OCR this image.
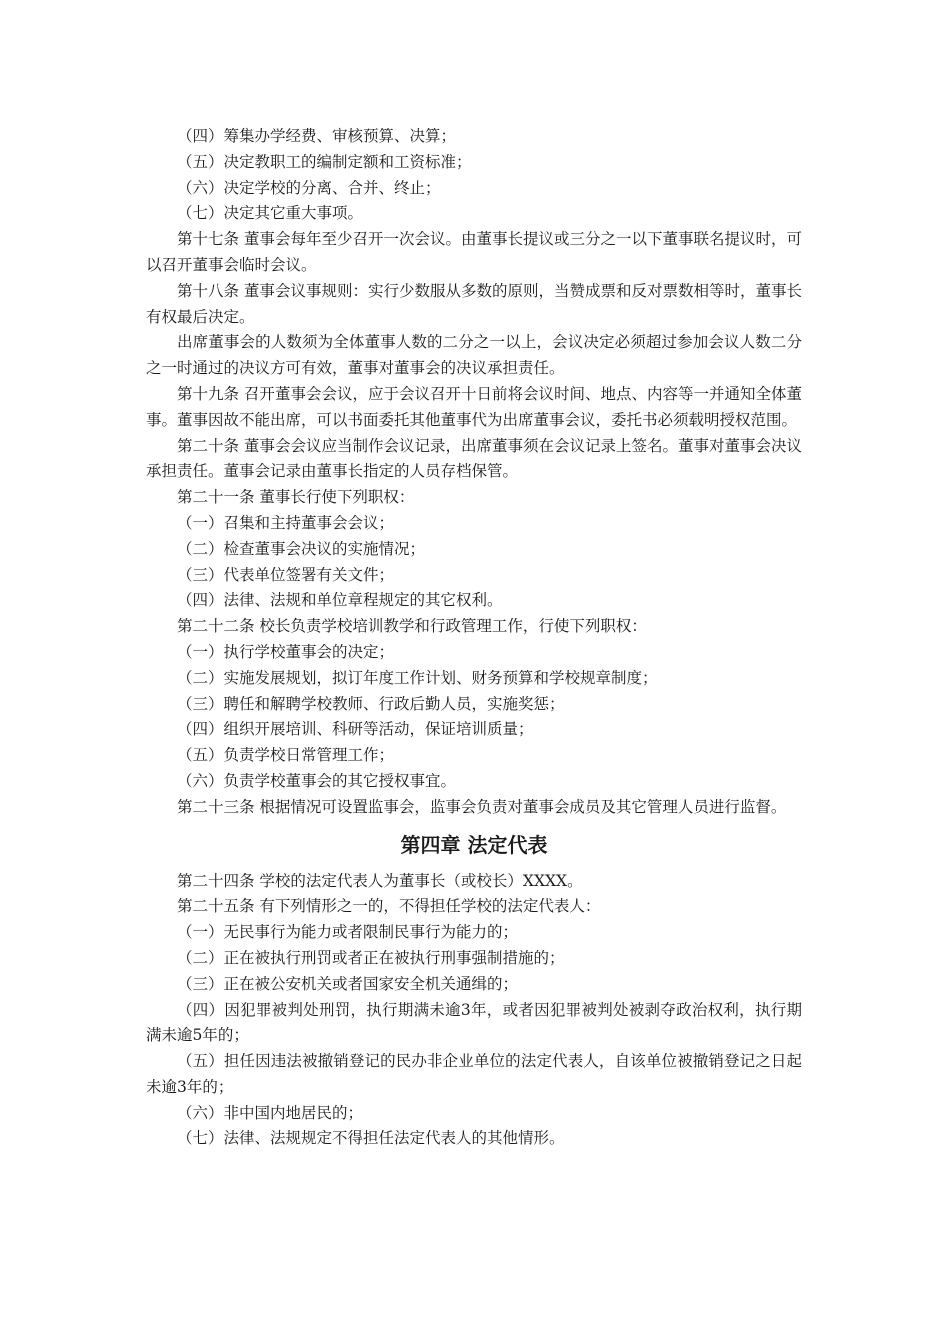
（四）筹集办学经费、审核预算、决算；

（五）决定教职工的编制定额和工资标准；

（六）决定学校的分离、合并、终止；

（七）决定其它重大事项。

第十七条 董事会每年至少召开一次会议。由董事长提议或三分之一以下董事联名提议时，可以召开董事会临时会议。

第十八条 董事会议事规则：实行少数服从多数的原则，当赞成票和反对票数相等时，董事长有权最后决定。

出席董事会的人数须为全体董事人数的二分之一以上，会议决定必须超过参加会议人数二分之一时通过的决议方可有效，董事对董事会的决议承担责任。

第十九条 召开董事会会议，应于会议召开十日前将会议时间、地点、内容等一并通知全体董事。董事因故不能出席，可以书面委托其他董事代为出席董事会议，委托书必须载明授权范围。

第二十条 董事会会议应当制作会议记录，出席董事须在会议记录上签名。董事对董事会决议承担责任。董事会记录由董事长指定的人员存档保管。

第二十一条 董事长行使下列职权：

（一）召集和主持董事会会议；

（二）检查董事会决议的实施情况；

（三）代表单位签署有关文件；

（四）法律、法规和单位章程规定的其它权利。

第二十二条 校长负责学校培训教学和行政管理工作，行使下列职权：

（一）执行学校董事会的决定；

（二）实施发展规划，拟订年度工作计划、财务预算和学校规章制度；

（三）聘任和解聘学校教师、行政后勤人员，实施奖惩；

（四）组织开展培训、科研等活动，保证培训质量；

（五）负责学校日常管理工作；

（六）负责学校董事会的其它授权事宜。

第二十三条 根据情况可设置监事会，监事会负责对董事会成员及其它管理人员进行监督。

第四章 法定代表

第二十四条 学校的法定代表人为董事长（或校长）XXXX。

第二十五条 有下列情形之一的，不得担任学校的法定代表人：

（一）无民事行为能力或者限制民事行为能力的；

（二）正在被执行刑罚或者正在被执行刑事强制措施的；

（三）正在被公安机关或者国家安全机关通缉的；

（四）因犯罪被判处刑罚，执行期满未逾3年，或者因犯罪被判处被剥夺政治权利，执行期满未逾5年的；

（五）担任因违法被撤销登记的民办非企业单位的法定代表人，自该单位被撤销登记之日起未逾3年的；

（六）非中国内地居民的；

（七）法律、法规规定不得担任法定代表人的其他情形。
